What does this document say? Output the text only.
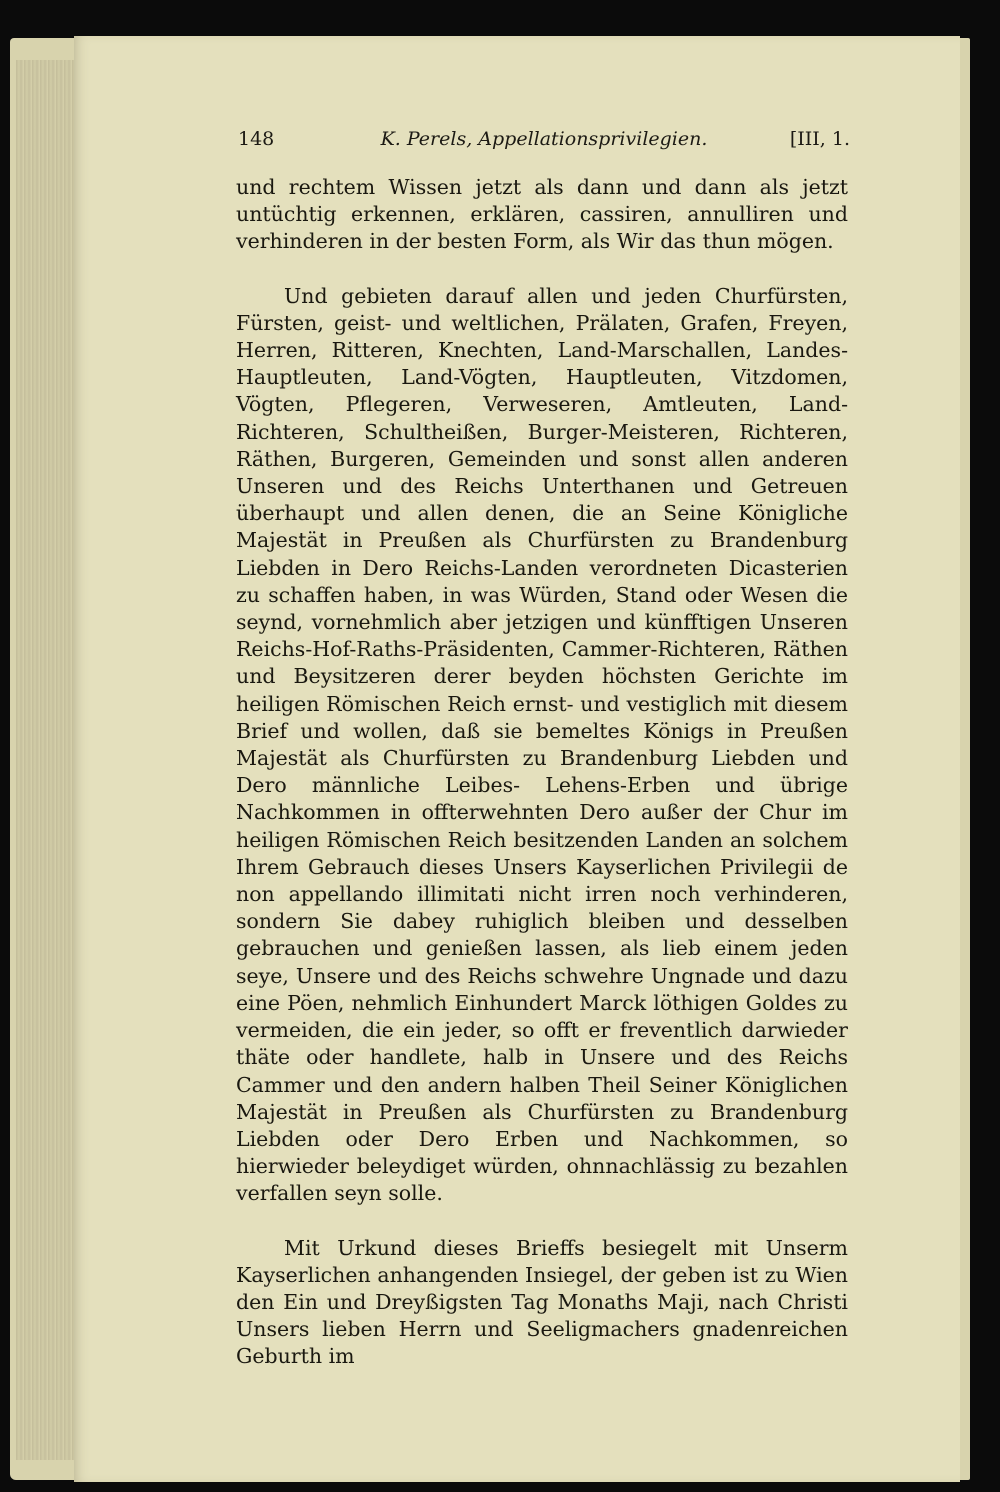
148	K. Perels, Appellationsprivilegien.	[III, 1.

und rechtem Wissen jetzt als dann und dann als jetzt untüchtig erkennen, erklären, cassiren, annulliren und verhinderen in der besten Form, als Wir das thun mögen.

Und gebieten darauf allen und jeden Churfürsten, Fürsten, geist- und weltlichen, Prälaten, Grafen, Freyen, Herren, Ritteren, Knechten, Land-Marschallen, Landes-Hauptleuten, Land-Vögten, Hauptleuten, Vitzdomen, Vögten, Pflegeren, Verweseren, Amtleuten, Land-Richteren, Schultheißen, Burger-Meisteren, Richteren, Räthen, Burgeren, Gemeinden und sonst allen anderen Unseren und des Reichs Unterthanen und Getreuen überhaupt und allen denen, die an Seine Königliche Majestät in Preußen als Churfürsten zu Brandenburg Liebden in Dero Reichs-Landen verordneten Dicasterien zu schaffen haben, in was Würden, Stand oder Wesen die seynd, vornehmlich aber jetzigen und künfftigen Unseren Reichs-Hof-Raths-Präsidenten, Cammer-Richteren, Räthen und Beysitzeren derer beyden höchsten Gerichte im heiligen Römischen Reich ernst- und vestiglich mit diesem Brief und wollen, daß sie bemeltes Königs in Preußen Majestät als Churfürsten zu Brandenburg Liebden und Dero männliche Leibes- Lehens-Erben und übrige Nachkommen in offterwehnten Dero außer der Chur im heiligen Römischen Reich besitzenden Landen an solchem Ihrem Gebrauch dieses Unsers Kayserlichen Privilegii de non appellando illimitati nicht irren noch verhinderen, sondern Sie dabey ruhiglich bleiben und desselben gebrauchen und genießen lassen, als lieb einem jeden seye, Unsere und des Reichs schwehre Ungnade und dazu eine Pöen, nehmlich Einhundert Marck löthigen Goldes zu vermeiden, die ein jeder, so offt er freventlich darwieder thäte oder handlete, halb in Unsere und des Reichs Cammer und den andern halben Theil Seiner Königlichen Majestät in Preußen als Churfürsten zu Brandenburg Liebden oder Dero Erben und Nachkommen, so hierwieder beleydiget würden, ohnnachlässig zu bezahlen verfallen seyn solle.

Mit Urkund dieses Brieffs besiegelt mit Unserm Kayserlichen anhangenden Insiegel, der geben ist zu Wien den Ein und Dreyßigsten Tag Monaths Maji, nach Christi Unsers lieben Herrn und Seeligmachers gnadenreichen Geburth im
